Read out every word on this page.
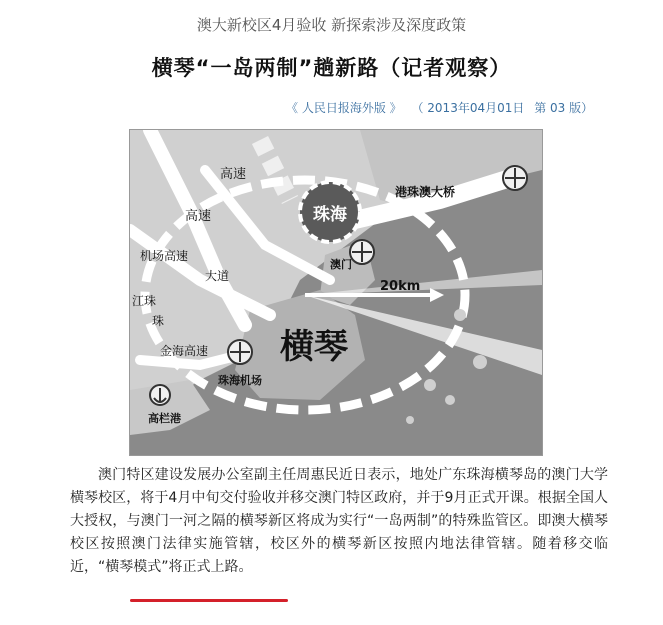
澳大新校区4月验收 新探索涉及深度政策
横琴“一岛两制”趟新路（记者观察）
《 人民日报海外版 》 （ 2013年04月01日 第 03 版）
珠海
澳门
横琴
港珠澳大桥
20km
珠海机场
高栏港
高速
高速
机场高速
大道
珠
江珠
金海高速
澳门特区建设发展办公室副主任周惠民近日表示，地处广东珠海横琴岛的澳门大学横琴校区，将于4月中旬交付验收并移交澳门特区政府，并于9月正式开课。根据全国人大授权，与澳门一河之隔的横琴新区将成为实行“一岛两制”的特殊监管区。即澳大横琴校区按照澳门法律实施管辖，校区外的横琴新区按照内地法律管辖。随着移交临近，“横琴模式”将正式上路。
